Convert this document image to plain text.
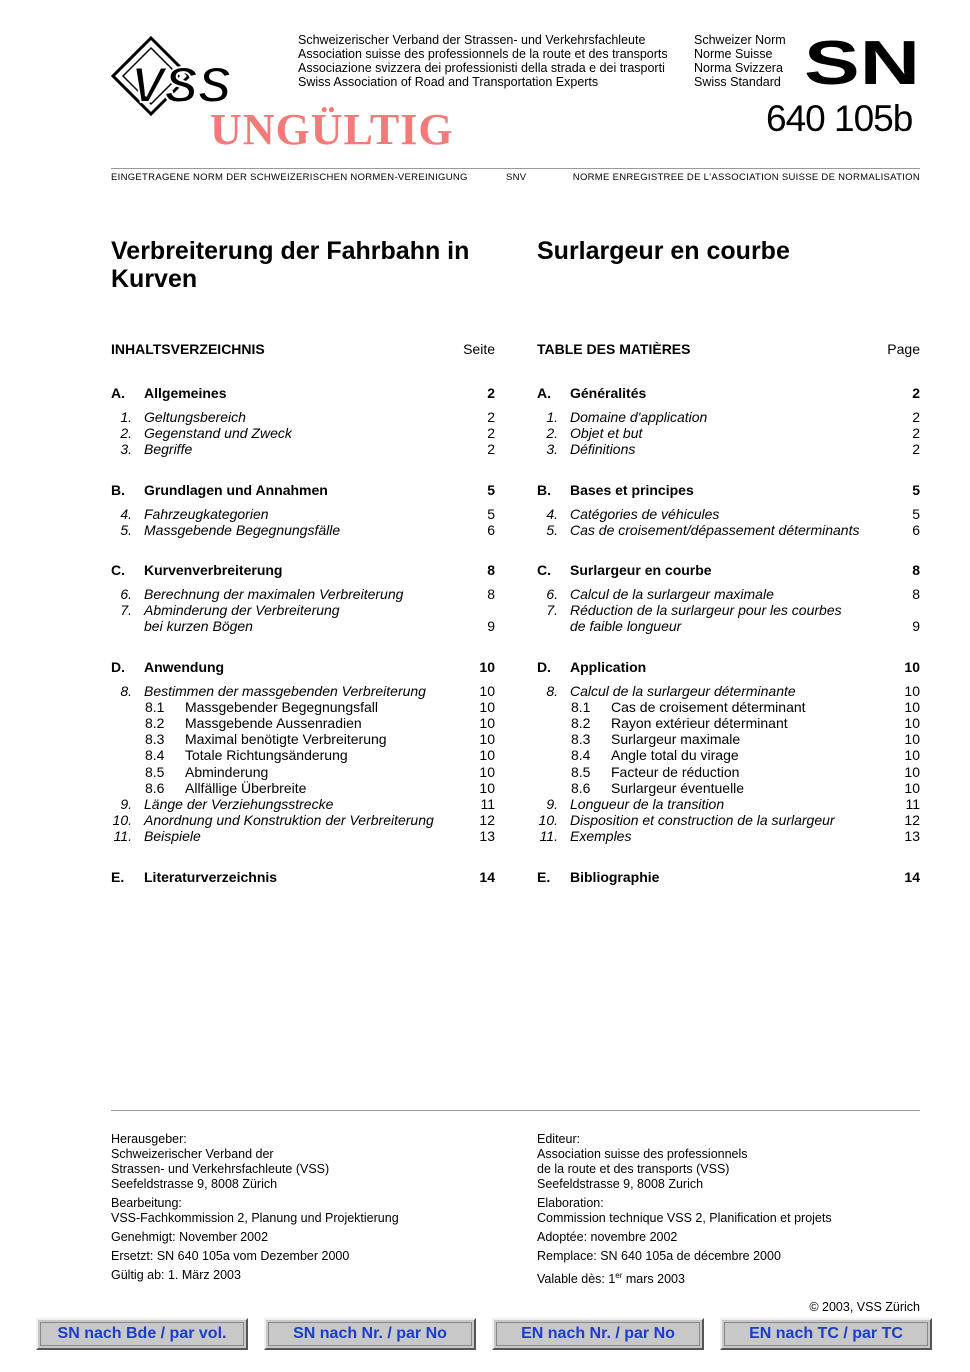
VSS
Schweizerischer Verband der Strassen- und Verkehrsfachleute
Association suisse des professionnels de la route et des transports
Associazione svizzera dei professionisti della strada e dei trasporti
Swiss Association of Road and Transportation Experts
Schweizer Norm
Norme Suisse
Norma Svizzera
Swiss Standard SN
640 105b
UNGÜLTIG
EINGETRAGENE NORM DER SCHWEIZERISCHEN NORMEN-VEREINIGUNG	SNV	NORME ENREGISTREE DE L'ASSOCIATION SUISSE DE NORMALISATION
Verbreiterung der Fahrbahn in Kurven
Surlargeur en courbe
INHALTSVERZEICHNIS	Seite
A.	Allgemeines	2
1. Geltungsbereich	2
2. Gegenstand und Zweck	2
3. Begriffe	2
B.	Grundlagen und Annahmen	5
4. Fahrzeugkategorien	5
5. Massgebende Begegnungsfälle	6
C.	Kurvenverbreiterung	8
6. Berechnung der maximalen Verbreiterung	8
7. Abminderung der Verbreiterung
bei kurzen Bögen	9
D.	Anwendung	10
8. Bestimmen der massgebenden Verbreiterung	10
8.1	Massgebender Begegnungsfall	10
8.2	Massgebende Aussenradien	10
8.3	Maximal benötigte Verbreiterung	10
8.4	Totale Richtungsänderung	10
8.5	Abminderung	10
8.6	Allfällige Überbreite	10
9. Länge der Verziehungsstrecke	11
10. Anordnung und Konstruktion der Verbreiterung	12
11. Beispiele	13
E.	Literaturverzeichnis	14
TABLE DES MATIÈRES	Page
A.	Généralités	2
1. Domaine d'application	2
2. Objet et but	2
3. Définitions	2
B.	Bases et principes	5
4. Catégories de véhicules	5
5. Cas de croisement/dépassement déterminants	6
C.	Surlargeur en courbe	8
6. Calcul de la surlargeur maximale	8
7. Réduction de la surlargeur pour les courbes
de faible longueur	9
D.	Application	10
8. Calcul de la surlargeur déterminante	10
8.1	Cas de croisement déterminant	10
8.2	Rayon extérieur déterminant	10
8.3	Surlargeur maximale	10
8.4	Angle total du virage	10
8.5	Facteur de réduction	10
8.6	Surlargeur éventuelle	10
9. Longueur de la transition	11
10. Disposition et construction de la surlargeur	12
11. Exemples	13
E.	Bibliographie	14
Herausgeber:
Schweizerischer Verband der
Strassen- und Verkehrsfachleute (VSS)
Seefeldstrasse 9, 8008 Zürich
Bearbeitung:
VSS-Fachkommission 2, Planung und Projektierung
Genehmigt: November 2002
Ersetzt: SN 640 105a vom Dezember 2000
Gültig ab: 1. März 2003
Editeur:
Association suisse des professionnels
de la route et des transports (VSS)
Seefeldstrasse 9, 8008 Zurich
Elaboration:
Commission technique VSS 2, Planification et projets
Adoptée: novembre 2002
Remplace: SN 640 105a de décembre 2000
Valable dès: 1er mars 2003
© 2003, VSS Zürich
SN nach Bde / par vol.	SN nach Nr. / par No	EN nach Nr. / par No	EN nach TC / par TC
